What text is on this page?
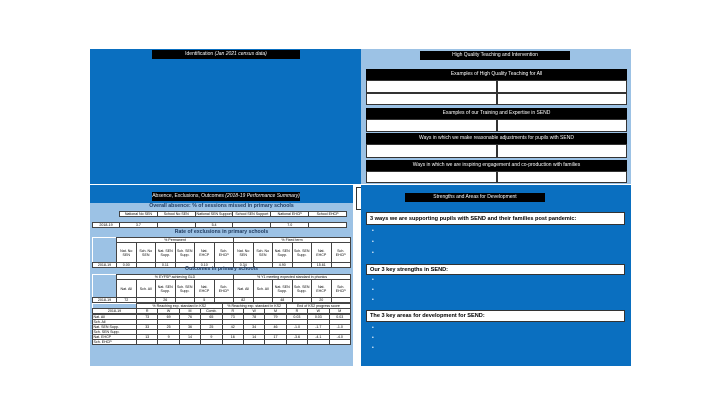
Identification (Jan 2021 census data)	High Quality Teaching and Intervention
Examples of High Quality Teaching for All
Examples of our Training and Expertise in SEND
Ways in which we make reasonable adjustments for pupils with SEND
Ways in which we are inspiring engagement and co-production with families
Absence, Exclusions, Outcomes (2018-19 Performance Summary)
Overall absence: % of sessions missed in primary schools
National No SEN	School No SEN	National SEN Support	School SEN Support	National EHCP	School EHCP
2018-19	3.7		5.4		7.0	
Rate of exclusions in primary schools
	% Permanent						% Fixed term					
	Nat. No SEN	Sch. No SEN	Nat. SEN Supp.	Sch. SEN Supp.	Nat. EHCP	Sch. EHCP	Nat. No SEN	Sch. No SEN	Nat. SEN Supp.	Sch. SEN Supp.	Nat. EHCP	Sch. EHCP
2018-19	0.00		0.11		0.10		0.34		4.90		15.61	
Outcomes in primary schools
	% EYFSP achieving GLD						% Y1 meeting expected standard in phonics					
	Nat. All	Sch. All	Nat. SEN Supp.	Sch. SEN Supp.	Nat. EHCP	Sch. EHCP	Nat. All	Sch. All	Nat. SEN Supp.	Sch. SEN Supp.	Nat. EHCP	Sch. EHCP
2018-19	72		26		5		82		48		20	
	% Reaching exp. standard in KS2				% Reaching exp. standard in KS2			End of KS2 progress score		
2018-19	R	W	M	Comb.	R	W	M	R	W	M
Nat. All	73	69	76	65	73	78	79	0.03	0.03	0.03
Sch. All										
Nat. SEN Supp.	33	25	36	25	42	34	46	-1.0	-1.7	-1.0
Sch. SEN Supp.										
Nat. EHCP	13	9	14	9	16	14	17	-3.6	-4.1	-4.0
Sch. EHCP										
Strengths and Areas for Development
3 ways we are supporting pupils with SEND and their families post pandemic:
•
•
•
Our 3 key strengths in SEND:
•
•
•
The 3 key areas for development for SEND:
•
•
•
